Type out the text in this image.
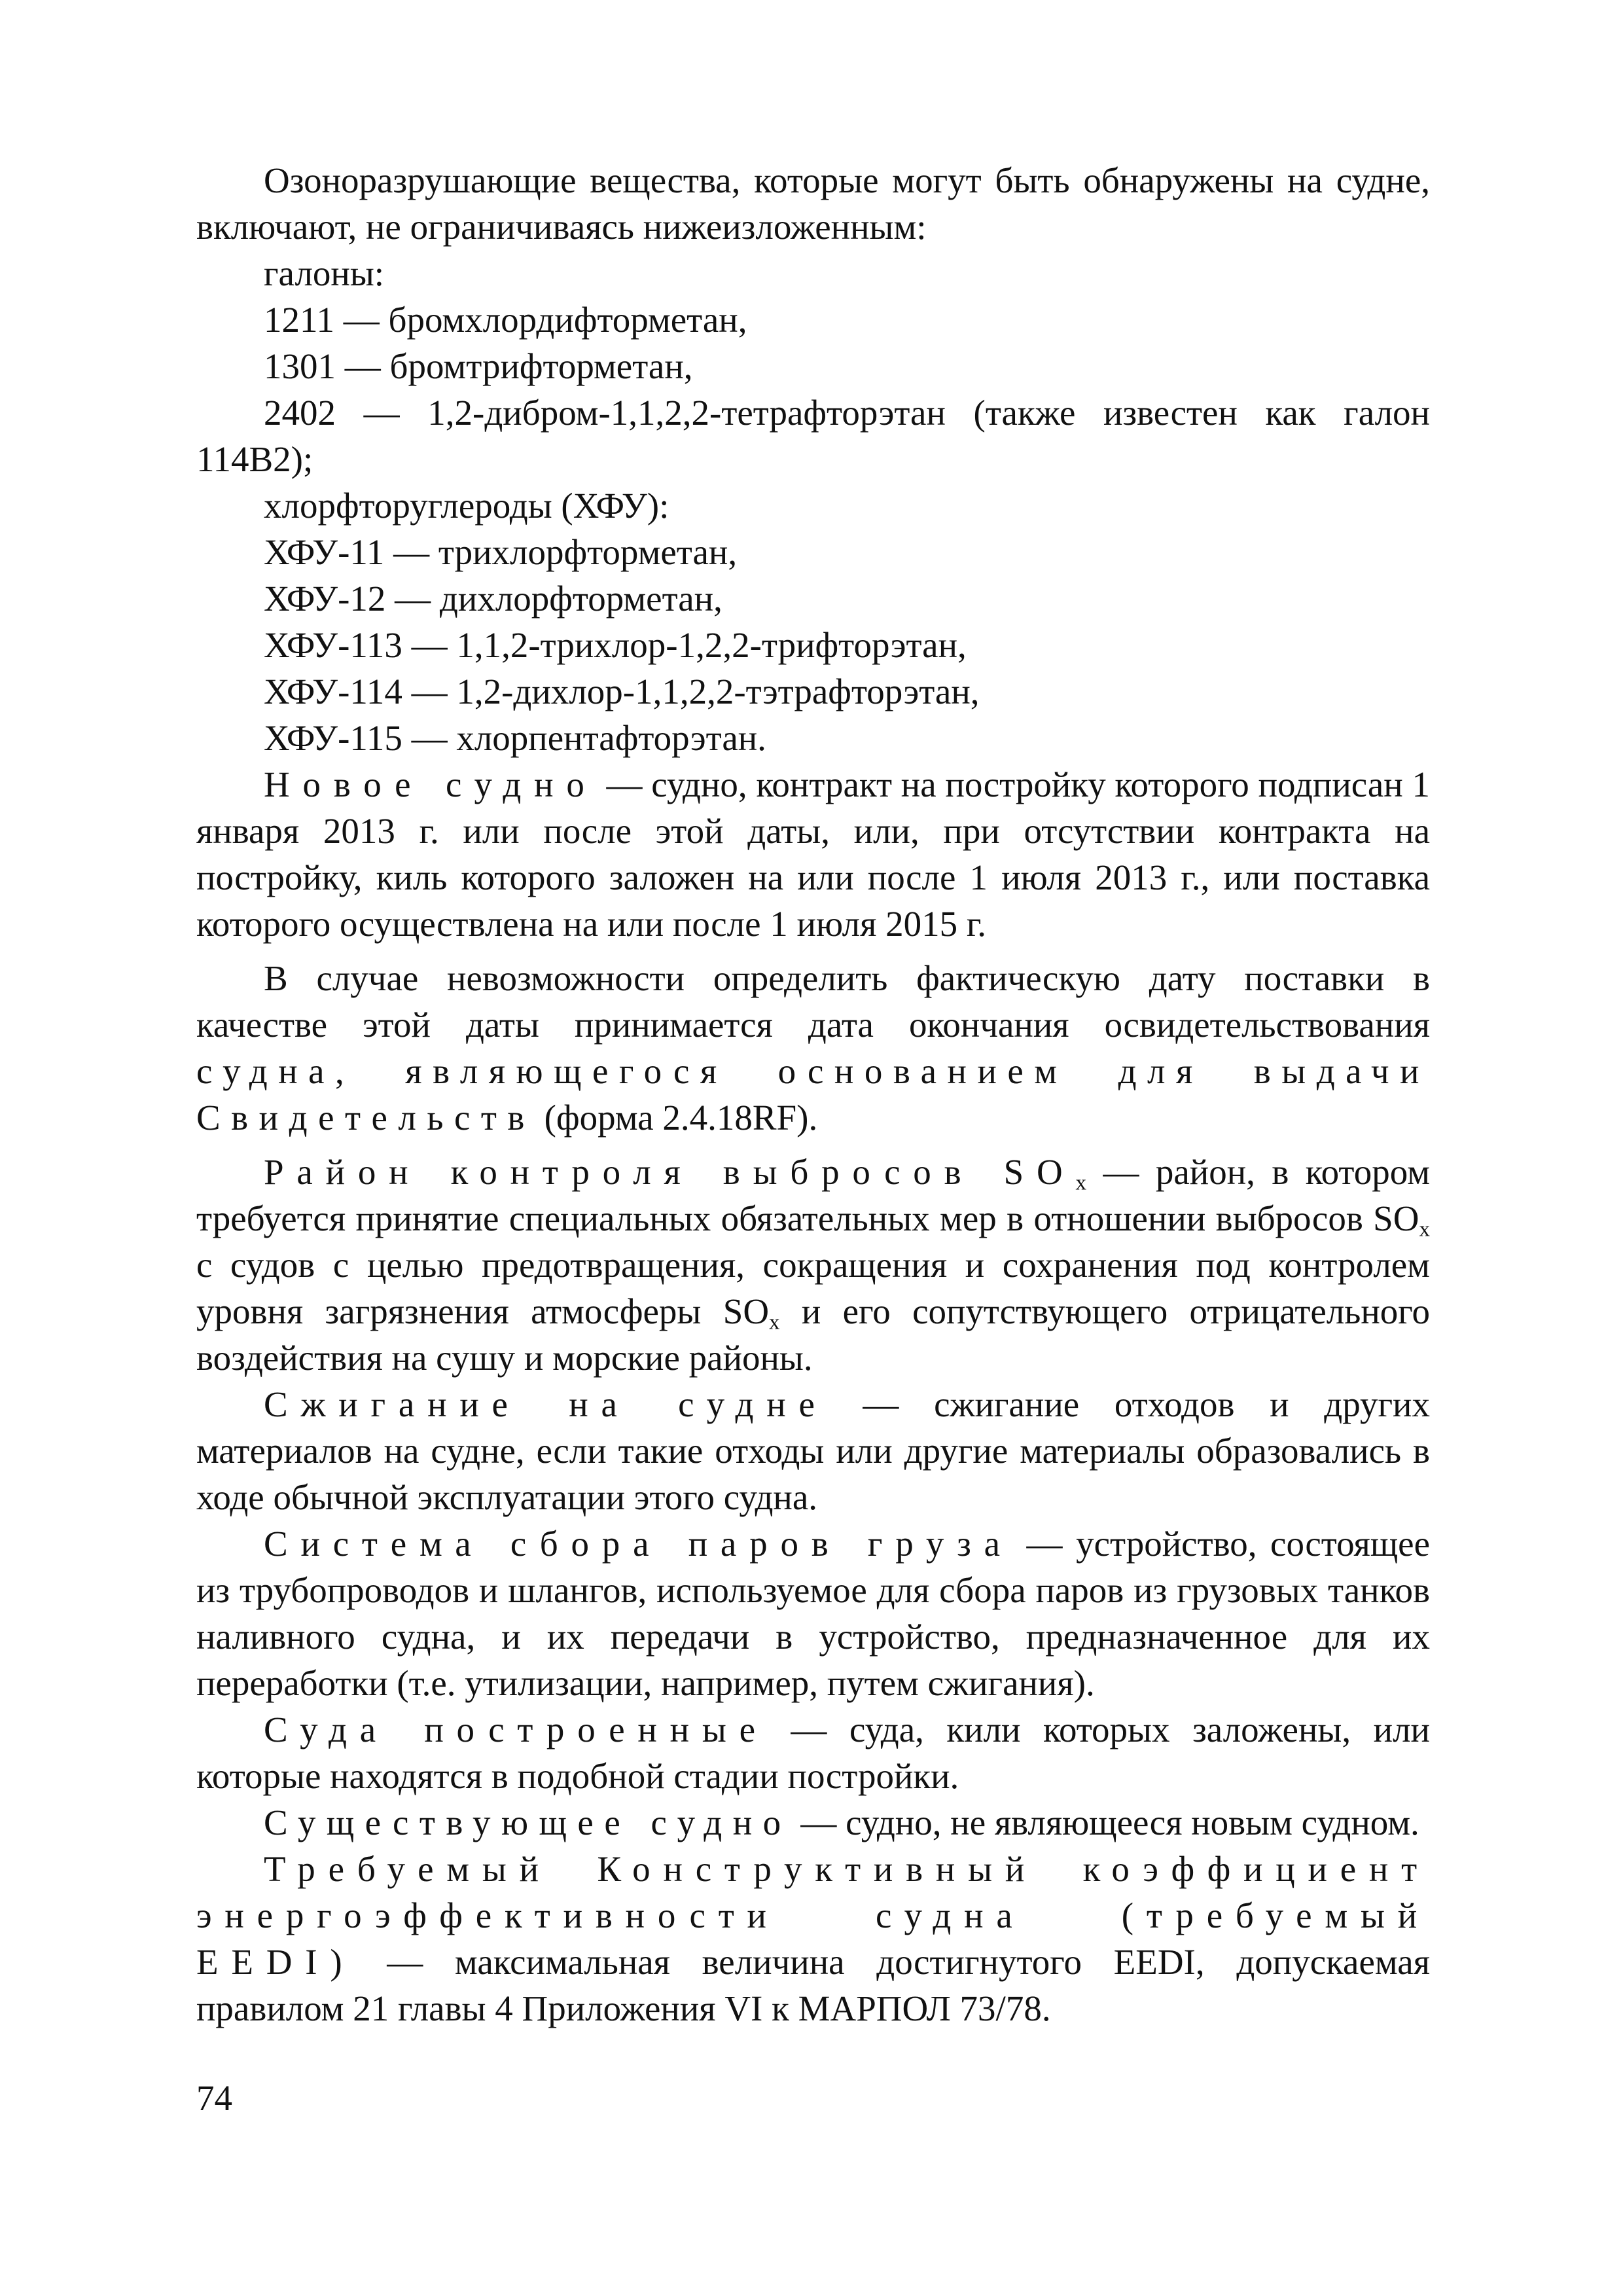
Озоноразрушающие вещества, которые могут быть обнаружены на судне, включают, не ограничиваясь нижеизложенным:

галоны:

1211 — бромхлордифторметан,

1301 — бромтрифторметан,

2402 — 1,2-дибром-1,1,2,2-тетрафторэтан (также известен как галон 114В2);

хлорфторуглероды (ХФУ):

ХФУ-11 — трихлорфторметан,

ХФУ-12 — дихлорфторметан,

ХФУ-113 — 1,1,2-трихлор-1,2,2-трифторэтан,

ХФУ-114 — 1,2-дихлор-1,1,2,2-тэтрафторэтан,

ХФУ-115 — хлорпентафторэтан.

Новое судно — судно, контракт на постройку которого подписан 1 января 2013 г. или после этой даты, или, при отсутствии контракта на постройку, киль которого заложен на или после 1 июля 2013 г., или поставка которого осуществлена на или после 1 июля 2015 г.

В случае невозможности определить фактическую дату поставки в качестве этой даты принимается дата окончания освидетельствования судна, являющегося основанием для выдачи Свидетельств (форма 2.4.18RF).

Район контроля выбросов $SO_x$ — район, в котором требуется принятие специальных обязательных мер в отношении выбросов $SO_x$ с судов с целью предотвращения, сокращения и сохранения под контролем уровня загрязнения атмосферы $SO_x$ и его сопутствующего отрицательного воздействия на сушу и морские районы.

Сжигание на судне — сжигание отходов и других материалов на судне, если такие отходы или другие материалы образовались в ходе обычной эксплуатации этого судна.

Система сбора паров груза — устройство, состоящее из трубопроводов и шлангов, используемое для сбора паров из грузовых танков наливного судна, и их передачи в устройство, предназначенное для их переработки (т.е. утилизации, например, путем сжигания).

Суда построенные — суда, кили которых заложены, или которые находятся в подобной стадии постройки.

Существующее судно — судно, не являющееся новым судном.

Требуемый Конструктивный коэффициент энергоэффективности судна (требуемый EEDI) — максимальная величина достигнутого EEDI, допускаемая правилом 21 главы 4 Приложения VI к МАРПОЛ 73/78.

74
